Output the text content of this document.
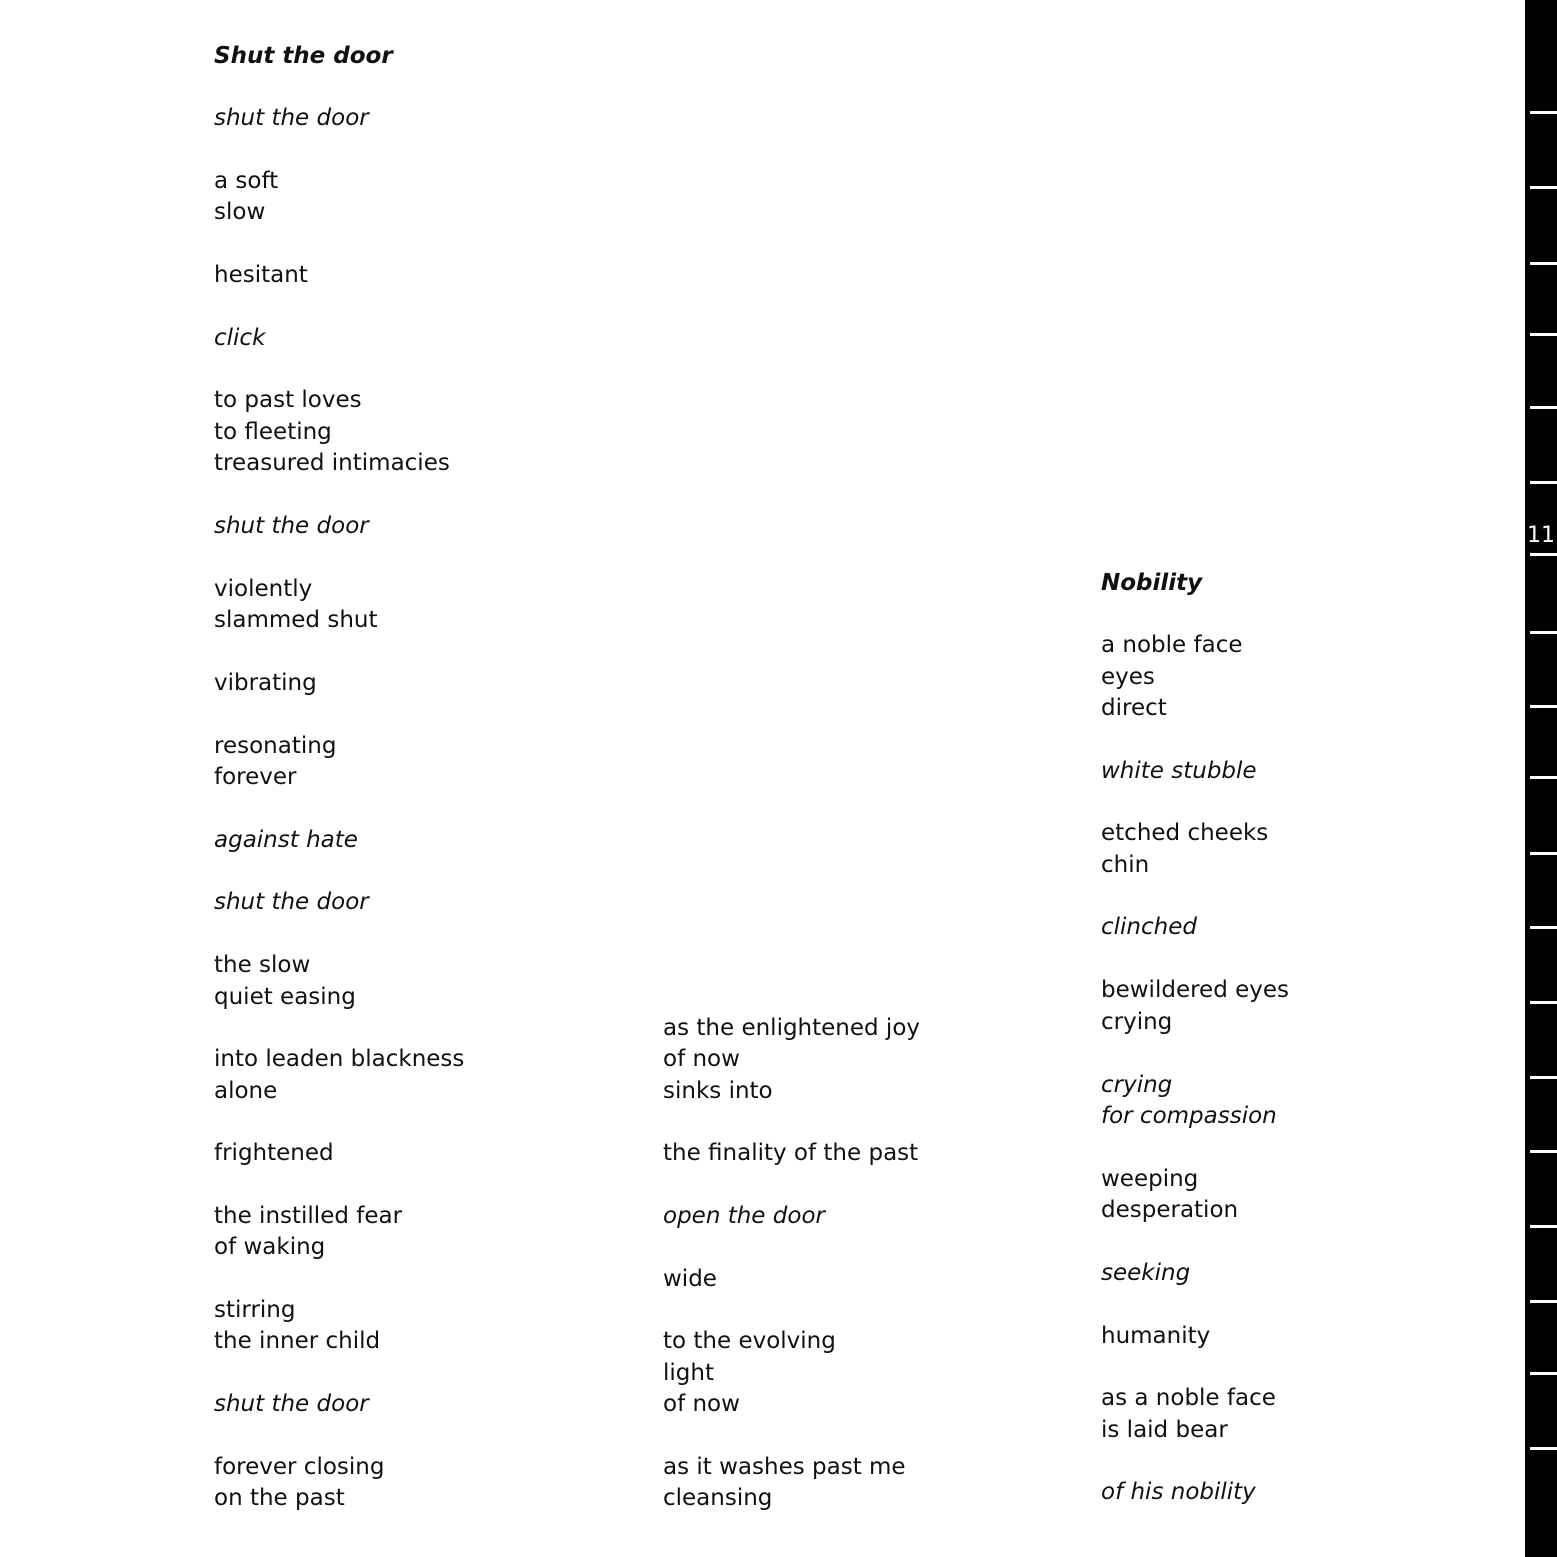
Shut the door

shut the door

a soft

slow

hesitant

click

to past loves

to fleeting

treasured intimacies

shut the door

violently

slammed shut

vibrating

resonating

forever

against hate

shut the door

the slow

quiet easing

into leaden blackness

alone

frightened

the instilled fear

of waking

stirring

the inner child

shut the door

forever closing

on the past

as the enlightened joy

of now

sinks into

the finality of the past

open the door

wide

to the evolving

light

of now

as it washes past me

cleansing

Nobility

a noble face

eyes

direct

white stubble

etched cheeks

chin

clinched

bewildered eyes

crying

crying

for compassion

weeping

desperation

seeking

humanity

as a noble face

is laid bear

of his nobility

11
